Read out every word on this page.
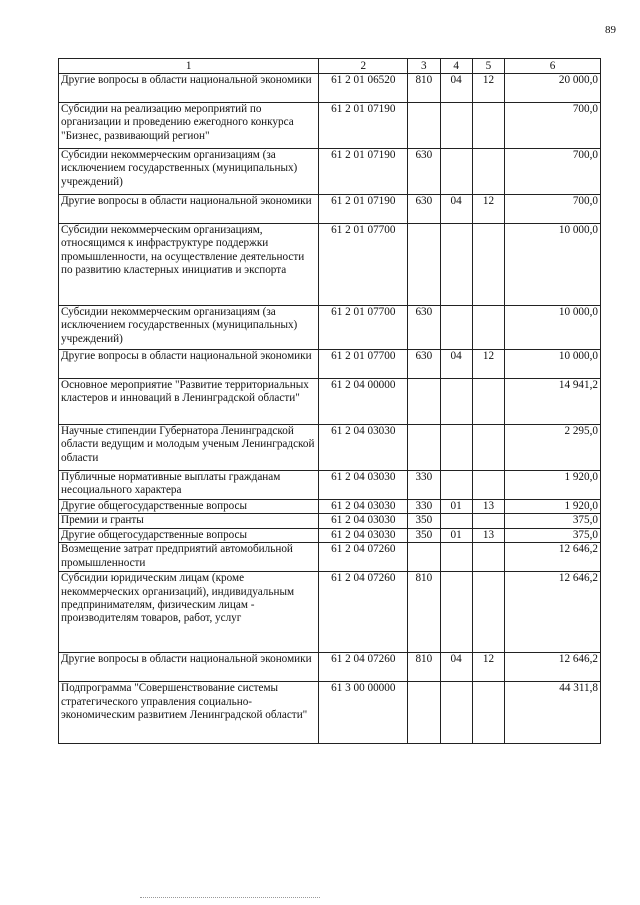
89
1	2	3	4	5	6
Другие вопросы в области национальной экономики	61 2 01 06520	810	04	12	20 000,0
Субсидии на реализацию мероприятий по организации и проведению ежегодного конкурса "Бизнес, развивающий регион"	61 2 01 07190				700,0
Субсидии некоммерческим организациям (за исключением государственных (муниципальных) учреждений)	61 2 01 07190	630			700,0
Другие вопросы в области национальной экономики	61 2 01 07190	630	04	12	700,0
Субсидии некоммерческим организациям, относящимся к инфраструктуре поддержки промышленности, на осуществление деятельности по развитию кластерных инициатив и экспорта	61 2 01 07700				10 000,0
Субсидии некоммерческим организациям (за исключением государственных (муниципальных) учреждений)	61 2 01 07700	630			10 000,0
Другие вопросы в области национальной экономики	61 2 01 07700	630	04	12	10 000,0
Основное мероприятие "Развитие территориальных кластеров и инноваций в Ленинградской области"	61 2 04 00000				14 941,2
Научные стипендии Губернатора Ленинградской области ведущим и молодым ученым Ленинградской области	61 2 04 03030				2 295,0
Публичные нормативные выплаты гражданам несоциального характера	61 2 04 03030	330			1 920,0
Другие общегосударственные вопросы	61 2 04 03030	330	01	13	1 920,0
Премии и гранты	61 2 04 03030	350			375,0
Другие общегосударственные вопросы	61 2 04 03030	350	01	13	375,0
Возмещение затрат предприятий автомобильной промышленности	61 2 04 07260				12 646,2
Субсидии юридическим лицам (кроме некоммерческих организаций), индивидуальным предпринимателям, физическим лицам - производителям товаров, работ, услуг	61 2 04 07260	810			12 646,2
Другие вопросы в области национальной экономики	61 2 04 07260	810	04	12	12 646,2
Подпрограмма "Совершенствование системы стратегического управления социально-экономическим развитием Ленинградской области"	61 3 00 00000				44 311,8
